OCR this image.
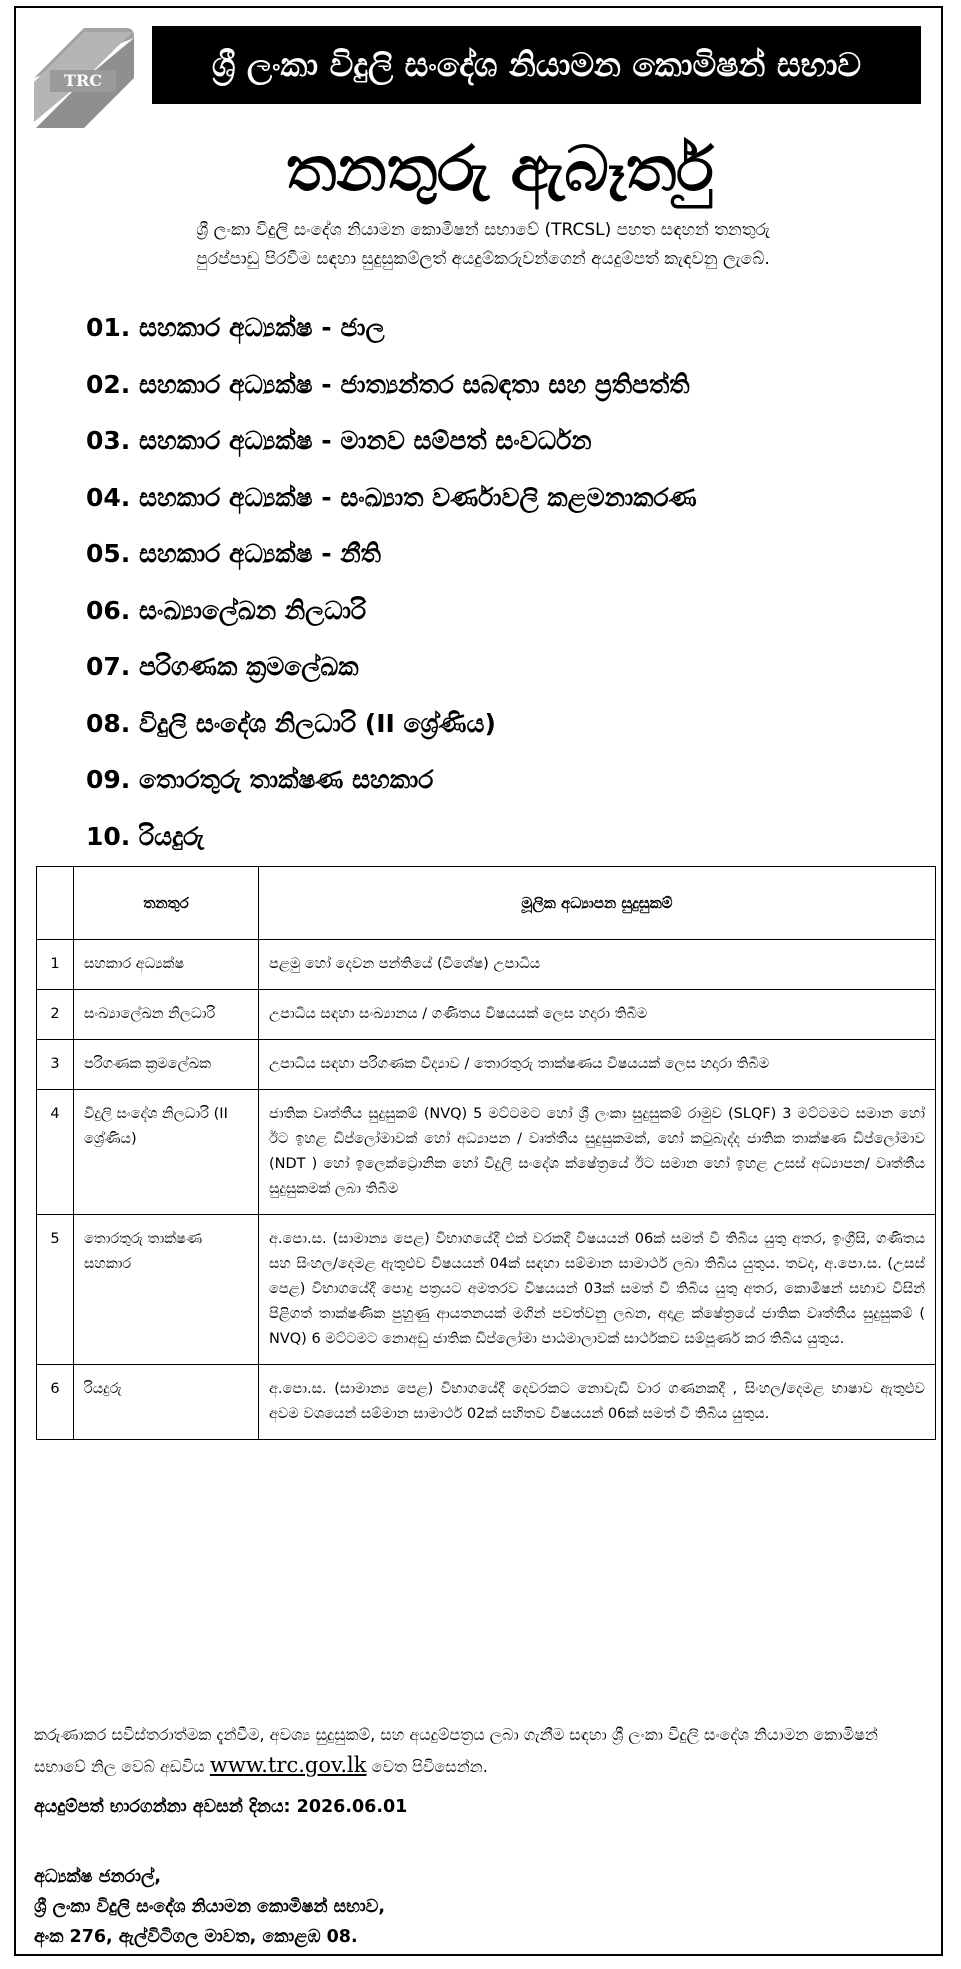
TRC	ශ්‍රී ලංකා විදුලි සංදේශ නියාමන කොමිෂන් සභාව
තනතුරු ඇබෑර්තු
ශ්‍රී ලංකා විදුලි සංදේශ නියාමන කොමිෂන් සභාවේ (TRCSL) පහත සඳහන් තනතුරු
පුරප්පාඩු පිරවීම සඳහා සුදුසුකම්ලත් අයදුම්කරුවන්ගෙන් අයදුම්පත් කැඳවනු ලැබේ.
01. සහකාර අධ්‍යක්ෂ - ජාල
02. සහකාර අධ්‍යක්ෂ - ජාත්‍යන්තර සබඳතා සහ ප්‍රතිපත්ති
03. සහකාර අධ්‍යක්ෂ - මානව සම්පත් සංවර්ධන
04. සහකාර අධ්‍යක්ෂ - සංඛ්‍යාත වර්ණාවලි කළමනාකරණ
05. සහකාර අධ්‍යක්ෂ - නීති
06. සංඛ්‍යාලේඛන නිලධාරි
07. පරිගණක ක්‍රමලේඛක
08. විදුලි සංදේශ නිලධාරි (II ශ්‍රේණිය)
09. තොරතුරු තාක්ෂණ සහකාර
10. රියදුරු
	තනතුර	මූලික අධ්‍යාපන සුදුසුකම්
1	සහකාර අධ්‍යක්ෂ	පළමු හෝ දෙවන පන්තියේ (විශේෂ) උපාධිය
2	සංඛ්‍යාලේඛන නිලධාරි	උපාධිය සඳහා සංඛ්‍යානය / ගණිතය විෂයයක් ලෙස හදාරා තිබීම
3	පරිගණක ක්‍රමලේඛක	උපාධිය සඳහා පරිගණක විද්‍යාව / තොරතුරු තාක්ෂණය විෂයයක් ලෙස හදාරා තිබීම
4	විදුලි සංදේශ නිලධාරි (II ශ්‍රේණිය)	ජාතික වෘත්තීය සුදුසුකම් (NVQ) 5 මට්ටමට හෝ ශ්‍රී ලංකා සුදුසුකම් රාමුව (SLQF) 3 මට්ටමට සමාන හෝ ඊට ඉහළ ඩිප්ලෝමාවක් හෝ අධ්‍යාපන / වෘත්තීය සුදුසුකමක්, හෝ කටුබැද්ද ජාතික තාක්ෂණ ඩිප්ලෝමාව (NDT ) හෝ ඉලෙක්ට්‍රොනික හෝ විදුලි සංදේශ ක්ෂේත්‍රයේ ඊට සමාන හෝ ඉහළ උසස් අධ්‍යාපන/ වෘත්තීය සුදුසුකමක් ලබා තිබීම
5	තොරතුරු තාක්ෂණ සහකාර	අ.පො.ස. (සාමාන්‍ය පෙළ) විභාගයේදී එක් වරකදී විෂයයන් 06ක් සමත් වී තිබිය යුතු අතර, ඉංග්‍රීසි, ගණිතය සහ සිංහල/දෙමළ ඇතුළුව විෂයයන් 04ක් සඳහා සම්මාන සාමාර්ථ ලබා තිබිය යුතුය. තවද, අ.පො.ස. (උසස් පෙළ) විභාගයේදී පොදු පත්‍රයට අමතරව විෂයයන් 03ක් සමත් වී තිබිය යුතු අතර, කොමිෂන් සභාව විසින් පිළිගත් තාක්ෂණික පුහුණු ආයතනයක් මගින් පවත්වනු ලබන, අදාළ ක්ෂේත්‍රයේ ජාතික වෘත්තීය සුදුසුකම් ( NVQ) 6 මට්ටමට නොඅඩු ජාතික ඩිප්ලෝමා පාඨමාලාවක් සාර්ථකව සම්පූර්ණ කර තිබිය යුතුය.
6	රියදුරු	අ.පො.ස. (සාමාන්‍ය පෙළ) විභාගයේදී දෙවරකට නොවැඩි වාර ගණනකදී , සිංහල/දෙමළ භාෂාව ඇතුළුව අවම වශයෙන් සම්මාන සාමාර්ථ 02ක් සහිතව විෂයයන් 06ක් සමත් වී තිබිය යුතුය.
කරුණාකර සවිස්තරාත්මක දැන්වීම, අවශ්‍ය සුදුසුකම්, සහ අයදුම්පත්‍රය ලබා ගැනීම සඳහා ශ්‍රී ලංකා විදුලි සංදේශ නියාමන කොමිෂන් සභාවේ නිල වෙබ් අඩවිය www.trc.gov.lk වෙත පිවිසෙන්න.
අයදුම්පත් භාරගන්නා අවසන් දිනය: 2026.06.01
අධ්‍යක්ෂ ජනරාල්,
ශ්‍රී ලංකා විදුලි සංදේශ නියාමන කොමිෂන් සභාව,
අංක 276, ඇල්විටිගල මාවත, කොළඹ 08.
